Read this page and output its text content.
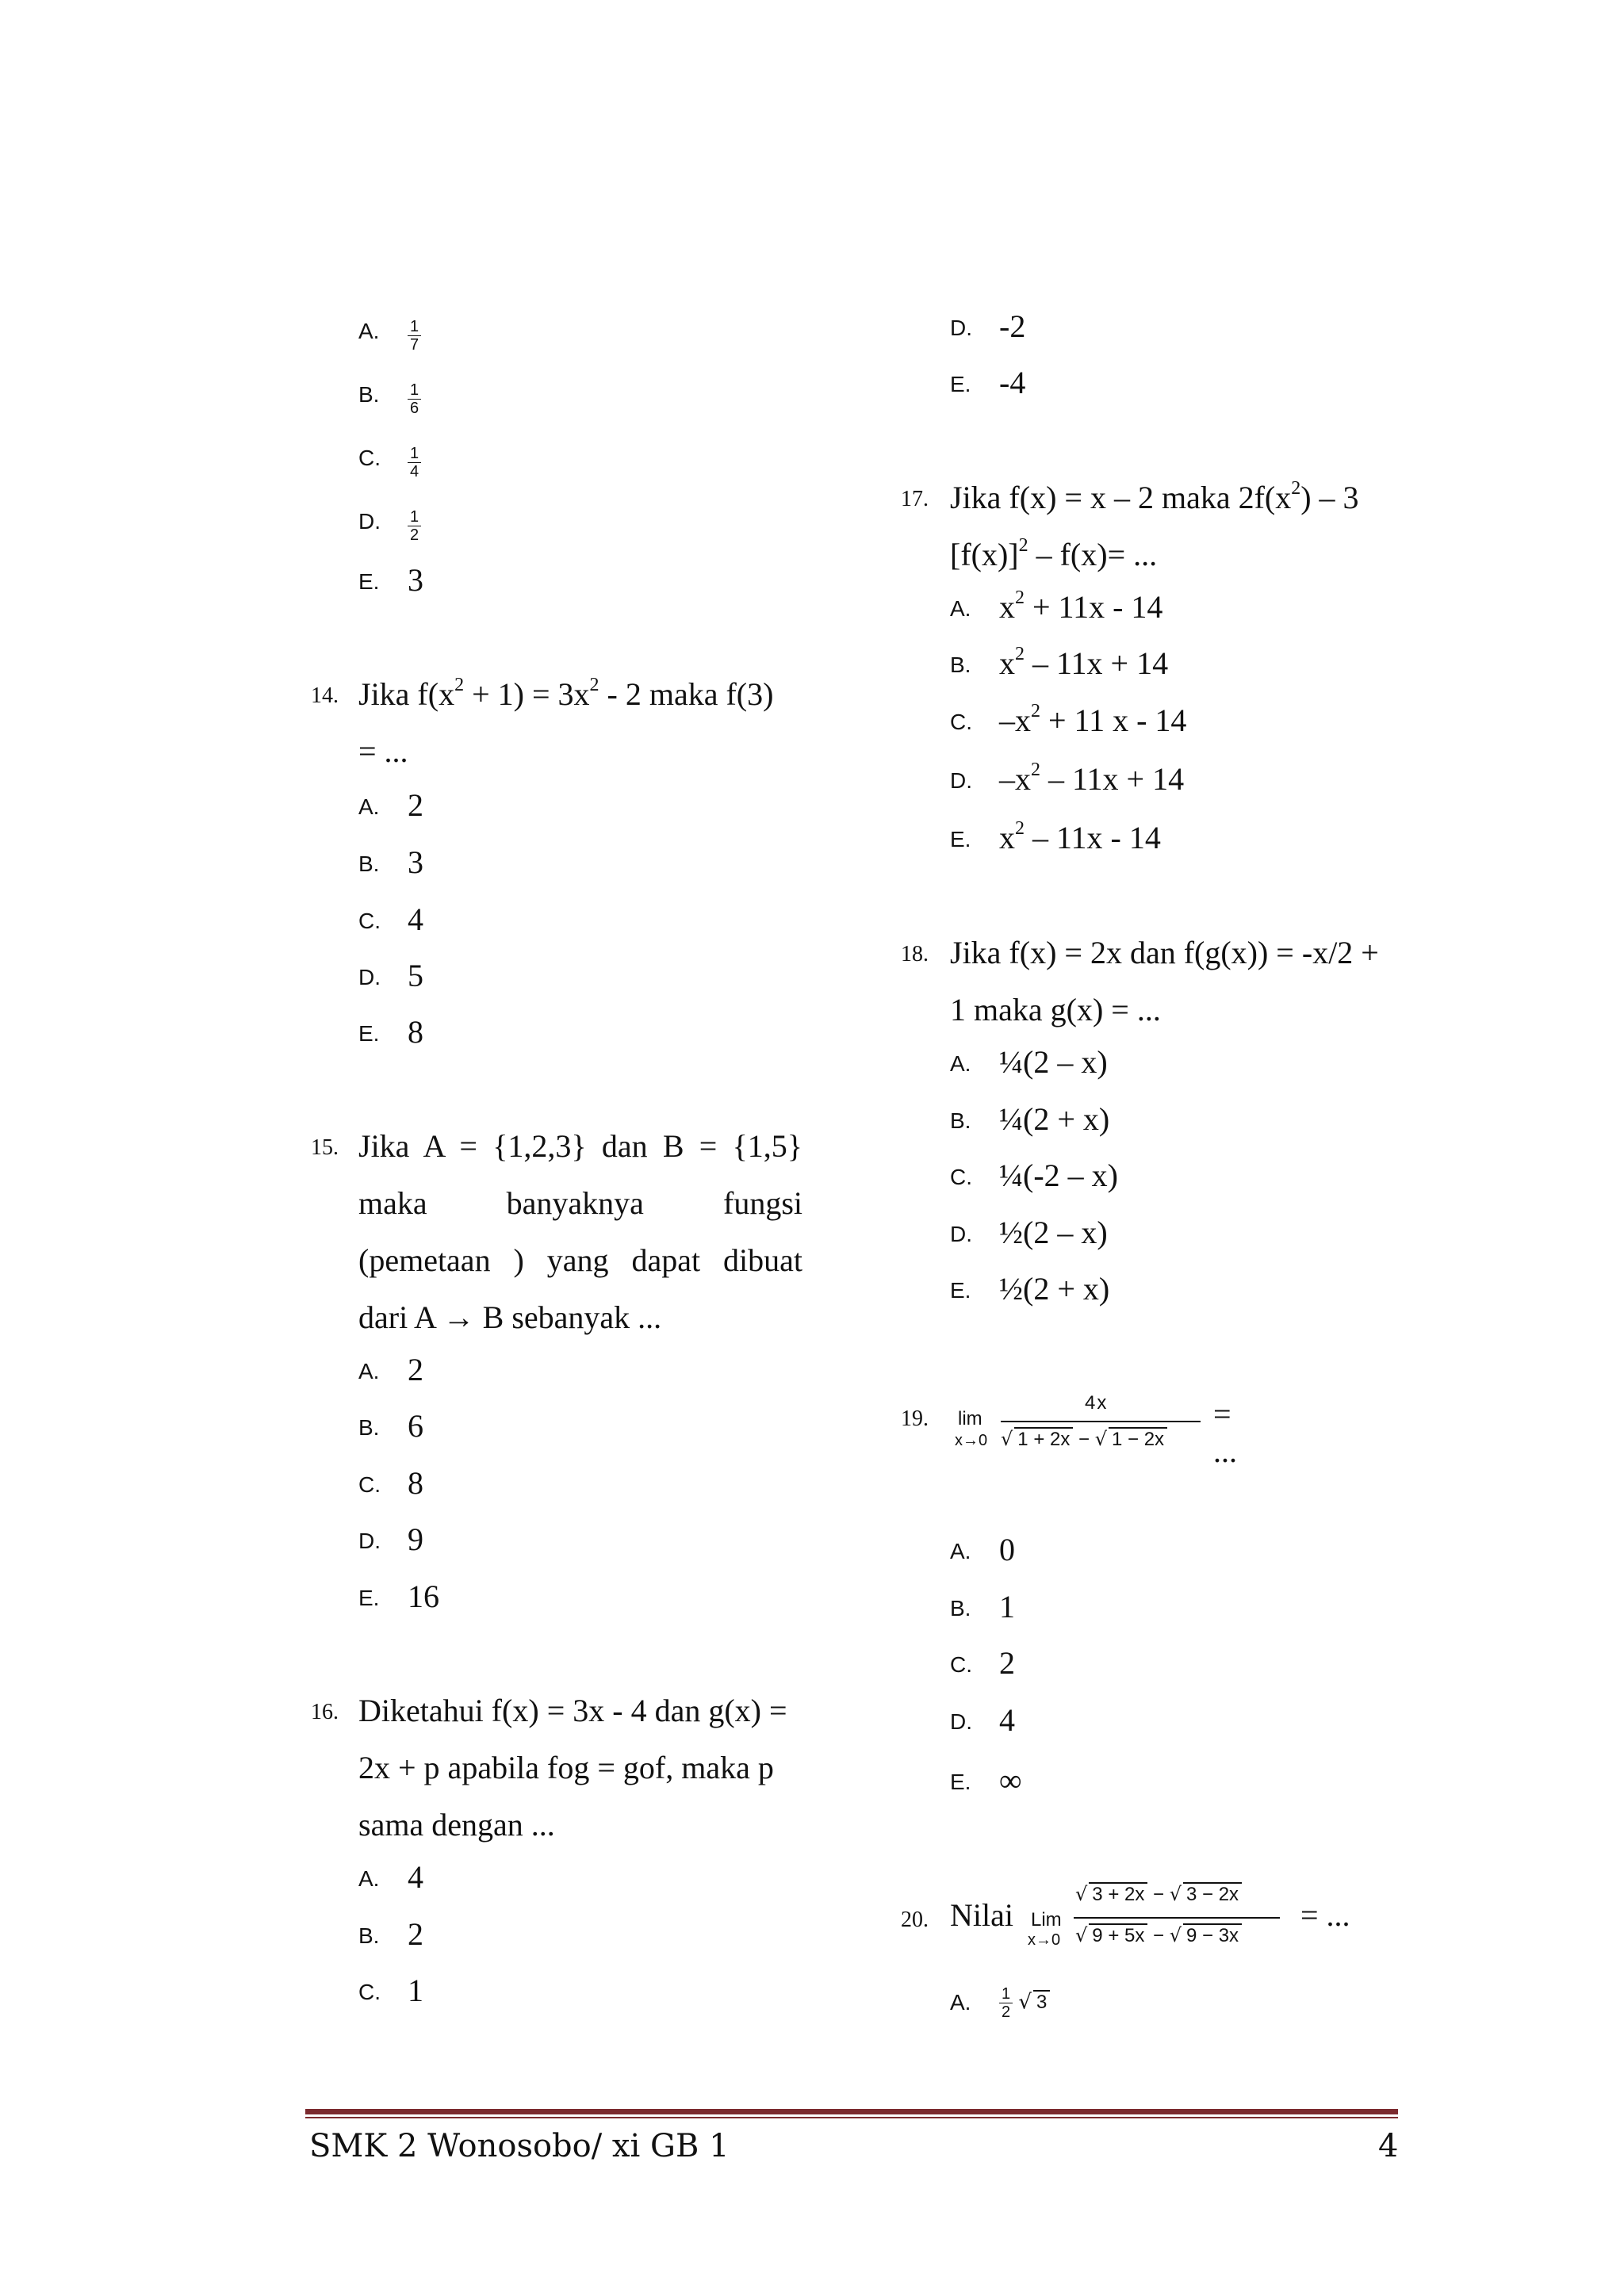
A. $\frac{1}{7}$
B. $\frac{1}{6}$
C. $\frac{1}{4}$
D. $\frac{1}{2}$
E. 3
14. Jika $f(x^2 + 1) = 3x^2 - 2$ maka f(3)
= ...
A. 2
B. 3
C. 4
D. 5
E. 8
15. Jika A = {1,2,3} dan B = {1,5}
maka banyaknya fungsi
(pemetaan ) yang dapat dibuat
dari A → B sebanyak ...
A. 2
B. 6
C. 8
D. 9
E. 16
16. Diketahui f(x) = 3x - 4 dan g(x) =
2x + p apabila fog = gof, maka p
sama dengan ...
A. 4
B. 2
C. 1
D. -2
E. -4
17. Jika f(x) = x – 2 maka $2f(x^2) - 3$
$[f(x)]^2 - f(x)=$ ...
A. $x^2 + 11x - 14$
B. $x^2 - 11x + 14$
C. $-x^2 + 11$ x - 14
D. $-x^2 - 11x + 14$
E. $x^2 - 11x - 14$
18. Jika f(x) = 2x dan f(g(x)) = -x/2 +
1 maka g(x) = ...
A. ¼(2 – x)
B. ¼(2 + x)
C. ¼(-2 – x)
D. ½(2 – x)
E. ½(2 + x)
19. lim
x→0
4x
√ 1 + 2x − √ 1 − 2x
= ...
A. 0
B. 1
C. 2
D. 4
E. ∞
20. Nilai Lim
x→0
√ 3 + 2x − √ 3 − 2x
√ 9 + 5x − √ 9 − 3x
= ...
A. $\frac{1}{2}$ √ 3
SMK 2 Wonosobo/ xi GB 1	4
